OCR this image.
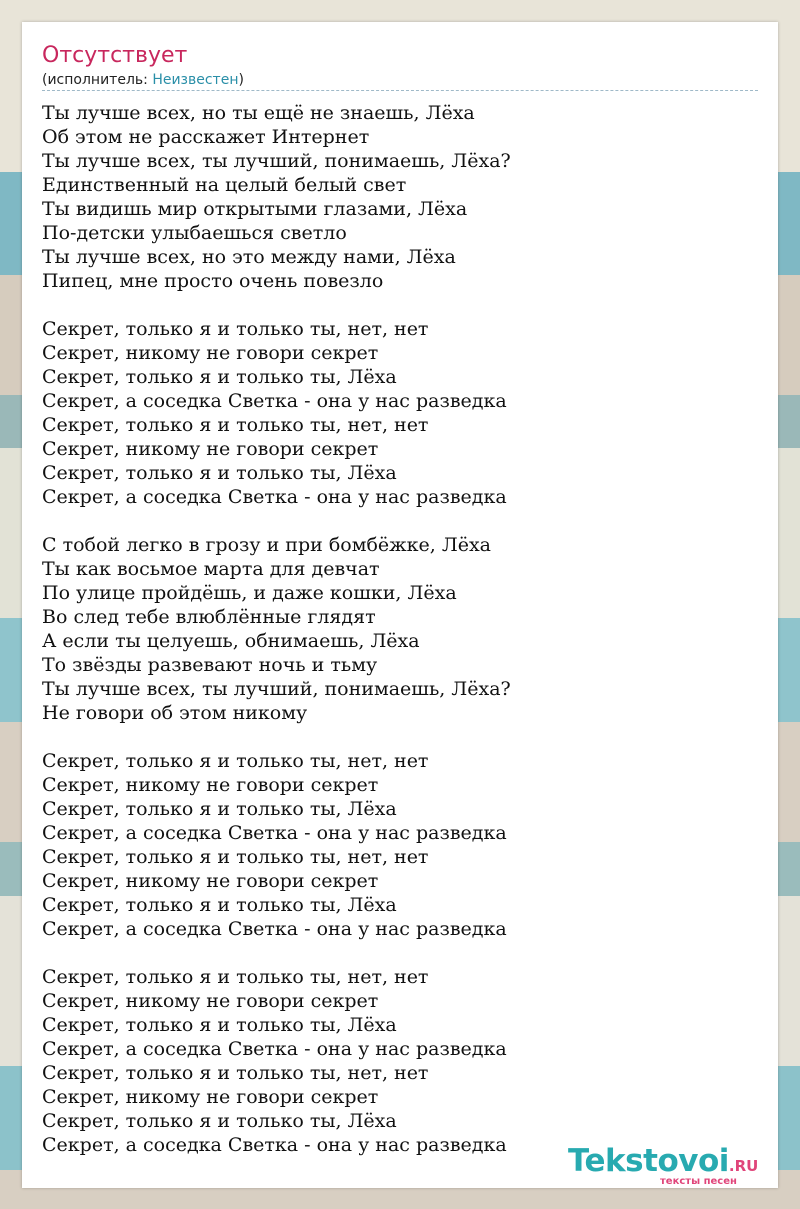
Отсутствует
(исполнитель: Неизвестен)
Ты лучше всех, но ты ещё не знаешь, Лёха
Об этом не расскажет Интернет
Ты лучше всех, ты лучший, понимаешь, Лёха?
Единственный на целый белый свет
Ты видишь мир открытыми глазами, Лёха
По-детски улыбаешься светло
Ты лучше всех, но это между нами, Лёха
Пипец, мне просто очень повезло
Секрет, только я и только ты, нет, нет
Секрет, никому не говори секрет
Секрет, только я и только ты, Лёха
Секрет, а соседка Светка - она у нас разведка
Секрет, только я и только ты, нет, нет
Секрет, никому не говори секрет
Секрет, только я и только ты, Лёха
Секрет, а соседка Светка - она у нас разведка
С тобой легко в грозу и при бомбёжке, Лёха
Ты как восьмое марта для девчат
По улице пройдёшь, и даже кошки, Лёха
Во след тебе влюблённые глядят
А если ты целуешь, обнимаешь, Лёха
То звёзды развевают ночь и тьму
Ты лучше всех, ты лучший, понимаешь, Лёха?
Не говори об этом никому
Секрет, только я и только ты, нет, нет
Секрет, никому не говори секрет
Секрет, только я и только ты, Лёха
Секрет, а соседка Светка - она у нас разведка
Секрет, только я и только ты, нет, нет
Секрет, никому не говори секрет
Секрет, только я и только ты, Лёха
Секрет, а соседка Светка - она у нас разведка
Секрет, только я и только ты, нет, нет
Секрет, никому не говори секрет
Секрет, только я и только ты, Лёха
Секрет, а соседка Светка - она у нас разведка
Секрет, только я и только ты, нет, нет
Секрет, никому не говори секрет
Секрет, только я и только ты, Лёха
Секрет, а соседка Светка - она у нас разведка	Tekstovoi.RU
тексты песен
